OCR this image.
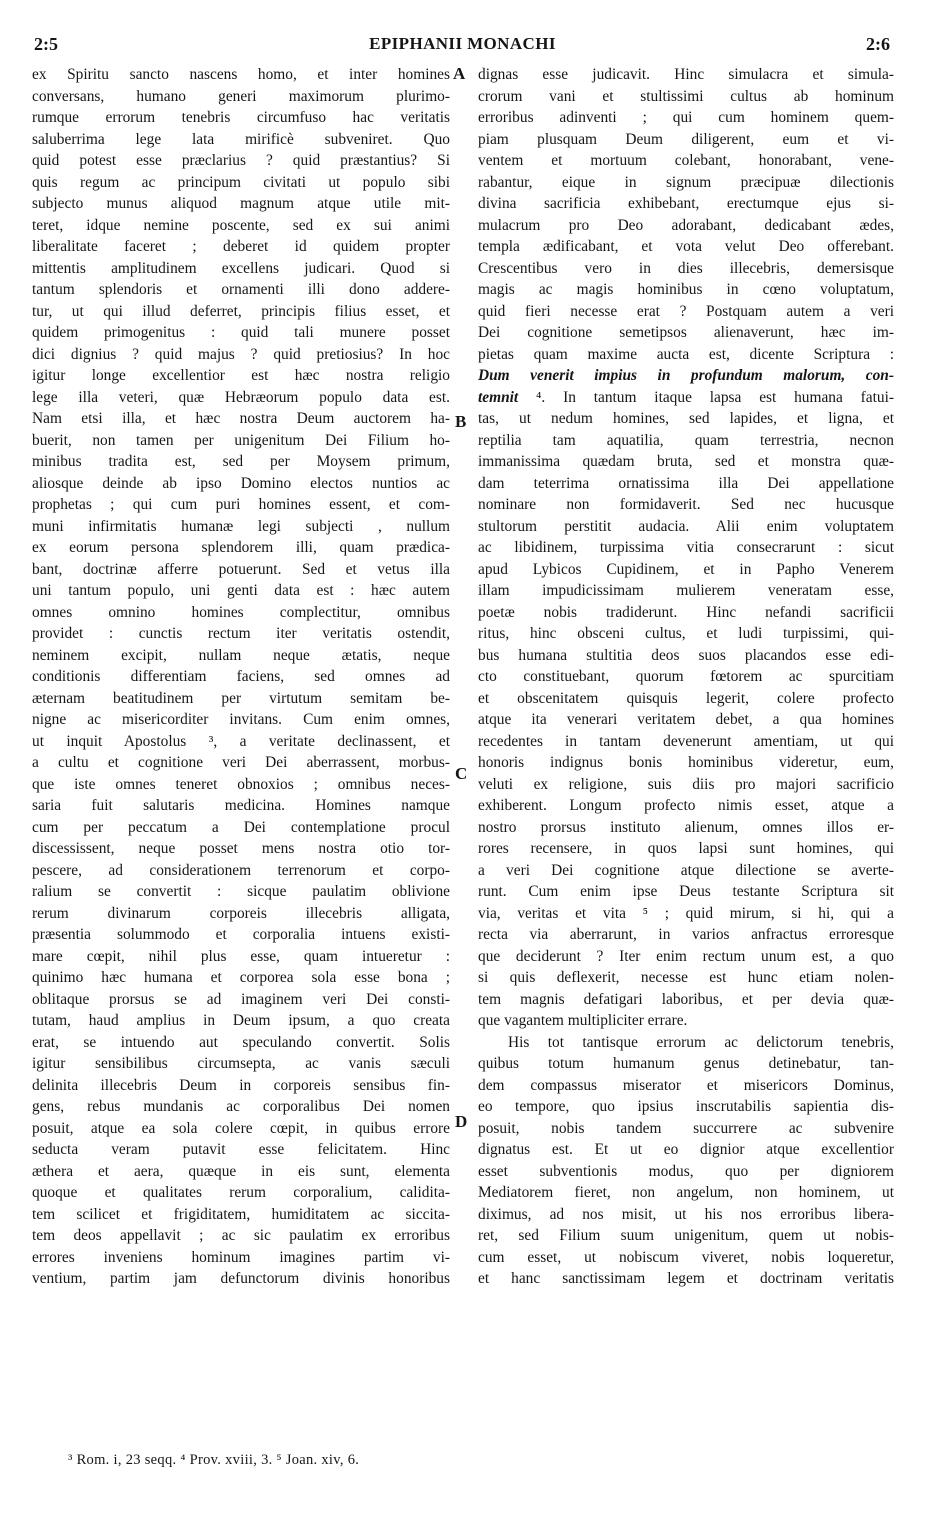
2:5	EPIPHANII MONACHI	2:6

ex Spiritu sancto nascens homo, et inter homines
conversans, humano generi maximorum plurimo-
rumque errorum tenebris circumfuso hac veritatis
saluberrima lege lata mirificè subveniret. Quo
quid potest esse præclarius ? quid præstantius? Si
quis regum ac principum civitati ut populo sibi
subjecto munus aliquod magnum atque utile mit-
teret, idque nemine poscente, sed ex sui animi
liberalitate faceret ; deberet id quidem propter
mittentis amplitudinem excellens judicari. Quod si
tantum splendoris et ornamenti illi dono addere-
tur, ut qui illud deferret, principis filius esset, et
quidem primogenitus : quid tali munere posset
dici dignius ? quid majus ? quid pretiosius? In hoc
igitur longe excellentior est hæc nostra religio
lege illa veteri, quæ Hebræorum populo data est.
Nam etsi illa, et hæc nostra Deum auctorem ha-
buerit, non tamen per unigenitum Dei Filium ho-
minibus tradita est, sed per Moysem primum,
aliosque deinde ab ipso Domino electos nuntios ac
prophetas ; qui cum puri homines essent, et com-
muni infirmitatis humanæ legi subjecti , nullum
ex eorum persona splendorem illi, quam prædica-
bant, doctrinæ afferre potuerunt. Sed et vetus illa
uni tantum populo, uni genti data est : hæc autem
omnes omnino homines complectitur, omnibus
providet : cunctis rectum iter veritatis ostendit,
neminem excipit, nullam neque ætatis, neque
conditionis differentiam faciens, sed omnes ad
æternam beatitudinem per virtutum semitam be-
nigne ac misericorditer invitans. Cum enim omnes,
ut inquit Apostolus ³, a veritate declinassent, et
a cultu et cognitione veri Dei aberrassent, morbus-
que iste omnes teneret obnoxios ; omnibus neces-
saria fuit salutaris medicina. Homines namque
cum per peccatum a Dei contemplatione procul
discessissent, neque posset mens nostra otio tor-
pescere, ad considerationem terrenorum et corpo-
ralium se convertit : sicque paulatim oblivione
rerum divinarum corporeis illecebris alligata,
præsentia solummodo et corporalia intuens existi-
mare cœpit, nihil plus esse, quam intueretur :
quinimo hæc humana et corporea sola esse bona ;
oblitaque prorsus se ad imaginem veri Dei consti-
tutam, haud amplius in Deum ipsum, a quo creata
erat, se intuendo aut speculando convertit. Solis
igitur sensibilibus circumsepta, ac vanis sæculi
delinita illecebris Deum in corporeis sensibus fin-
gens, rebus mundanis ac corporalibus Dei nomen
posuit, atque ea sola colere cœpit, in quibus errore
seducta veram putavit esse felicitatem. Hinc
æthera et aera, quæque in eis sunt, elementa
quoque et qualitates rerum corporalium, calidita-
tem scilicet et frigiditatem, humiditatem ac siccita-
tem deos appellavit ; ac sic paulatim ex erroribus
errores inveniens hominum imagines partim vi-
ventium, partim jam defunctorum divinis honoribus
dignas esse judicavit. Hinc simulacra et simula-
crorum vani et stultissimi cultus ab hominum
erroribus adinventi ; qui cum hominem quem-
piam plusquam Deum diligerent, eum et vi-
ventem et mortuum colebant, honorabant, vene-
rabantur, eique in signum præcipuæ dilectionis
divina sacrificia exhibebant, erectumque ejus si-
mulacrum pro Deo adorabant, dedicabant ædes,
templa ædificabant, et vota velut Deo offerebant.
Crescentibus vero in dies illecebris, demersisque
magis ac magis hominibus in cœno voluptatum,
quid fieri necesse erat ? Postquam autem a veri
Dei cognitione semetipsos alienaverunt, hæc im-
pietas quam maxime aucta est, dicente Scriptura :
Dum venerit impius in profundum malorum, con-
temnit ⁴. In tantum itaque lapsa est humana fatui-
tas, ut nedum homines, sed lapides, et ligna, et
reptilia tam aquatilia, quam terrestria, necnon
immanissima quædam bruta, sed et monstra quæ-
dam teterrima ornatissima illa Dei appellatione
nominare non formidaverit. Sed nec hucusque
stultorum perstitit audacia. Alii enim voluptatem
ac libidinem, turpissima vitia consecrarunt : sicut
apud Lybicos Cupidinem, et in Papho Venerem
illam impudicissimam mulierem veneratam esse,
poetæ nobis tradiderunt. Hinc nefandi sacrificii
ritus, hinc obsceni cultus, et ludi turpissimi, qui-
bus humana stultitia deos suos placandos esse edi-
cto constituebant, quorum fœtorem ac spurcitiam
et obscenitatem quisquis legerit, colere profecto
atque ita venerari veritatem debet, a qua homines
recedentes in tantam devenerunt amentiam, ut qui
honoris indignus bonis hominibus videretur, eum,
veluti ex religione, suis diis pro majori sacrificio
exhiberent. Longum profecto nimis esset, atque a
nostro prorsus instituto alienum, omnes illos er-
rores recensere, in quos lapsi sunt homines, qui
a veri Dei cognitione atque dilectione se averte-
runt. Cum enim ipse Deus testante Scriptura sit
via, veritas et vita ⁵ ; quid mirum, si hi, qui a
recta via aberrarunt, in varios anfractus erroresque
que deciderunt ? Iter enim rectum unum est, a quo
si quis deflexerit, necesse est hunc etiam nolen-
tem magnis defatigari laboribus, et per devia quæ-
que vagantem multipliciter errare.
His tot tantisque errorum ac delictorum tenebris,
quibus totum humanum genus detinebatur, tan-
dem compassus miserator et misericors Dominus,
eo tempore, quo ipsius inscrutabilis sapientia dis-
posuit, nobis tandem succurrere ac subvenire
dignatus est. Et ut eo dignior atque excellentior
esset subventionis modus, quo per digniorem
Mediatorem fieret, non angelum, non hominem, ut
diximus, ad nos misit, ut his nos erroribus libera-
ret, sed Filium suum unigenitum, quem ut nobis-
cum esset, ut nobiscum viveret, nobis loqueretur,
et hanc sanctissimam legem et doctrinam veritatis

A

B

C

D

³ Rom. i, 23 seqq. ⁴ Prov. xviii, 3. ⁵ Joan. xiv, 6.
